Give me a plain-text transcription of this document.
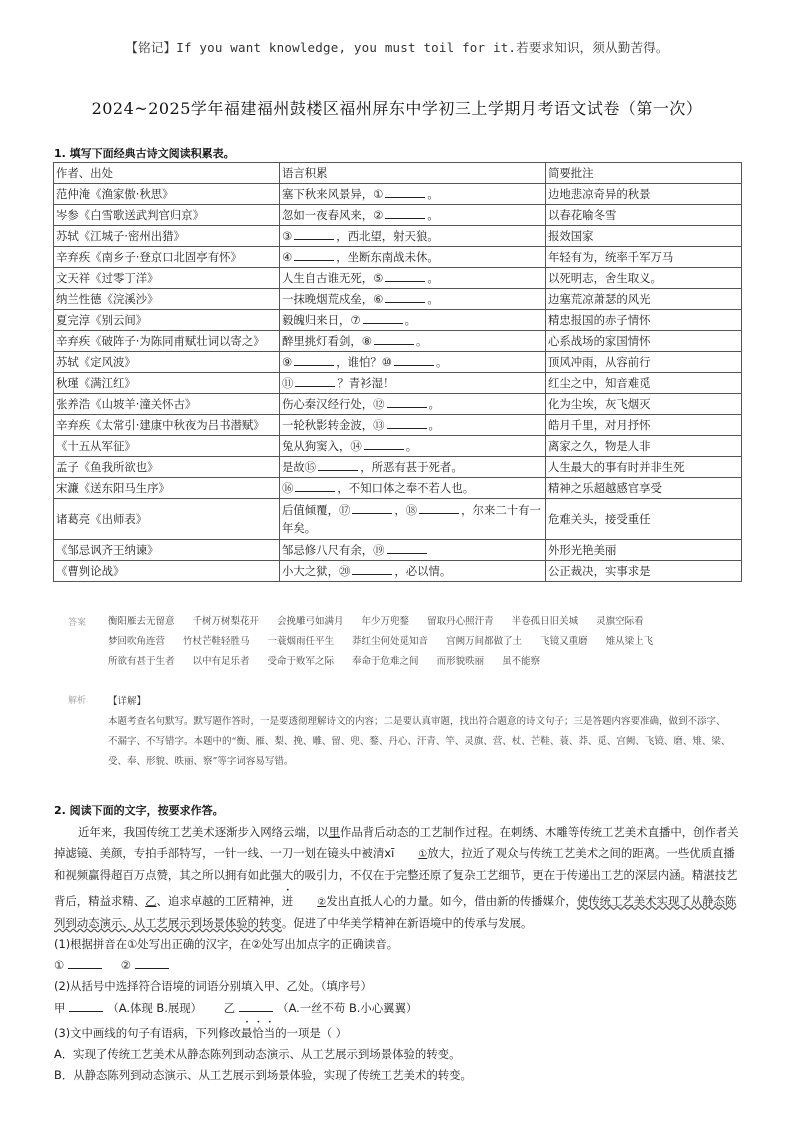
【铭记】If you want knowledge, you must toil for it.若要求知识，须从勤苦得。
2024~2025学年福建福州鼓楼区福州屏东中学初三上学期月考语文试卷（第一次）
1. 填写下面经典古诗文阅读积累表。
作者、出处	语言积累	简要批注
范仲淹《渔家傲·秋思》	塞下秋来风景异，① 。	边地悲凉奇异的秋景
岑参《白雪歌送武判官归京》	忽如一夜春风来，② 。	以春花喻冬雪
苏轼《江城子·密州出猎》	③ ，西北望，射天狼。	报效国家
辛弃疾《南乡子·登京口北固亭有怀》	④ ，坐断东南战未休。	年轻有为，统率千军万马
文天祥《过零丁洋》	人生自古谁无死，⑤ 。	以死明志，舍生取义。
纳兰性德《浣溪沙》	一抹晚烟荒戍垒，⑥ 。	边塞荒凉萧瑟的风光
夏完淳《别云间》	毅魄归来日，⑦ 。	精忠报国的赤子情怀
辛弃疾《破阵子·为陈同甫赋壮词以寄之》	醉里挑灯看剑，⑧ 。	心系战场的家国情怀
苏轼《定风波》	⑨ ，谁怕？⑩ 。	顶风冲雨，从容前行
秋瑾《满江红》	⑪ ？青衫湿！	红尘之中，知音难觅
张养浩《山坡羊·潼关怀古》	伤心秦汉经行处，⑫ 。	化为尘埃，灰飞烟灭
辛弃疾《太常引·建康中秋夜为吕书潜赋》	一轮秋影转金波，⑬ 。	皓月千里，对月抒怀
《十五从军征》	兔从狗窦入，⑭ 。	离家之久，物是人非
孟子《鱼我所欲也》	是故⑮ ，所恶有甚于死者。	人生最大的事有时并非生死
宋濂《送东阳马生序》	⑯ ，不知口体之奉不若人也。	精神之乐超越感官享受
诸葛亮《出师表》	后值倾覆，⑰ ，⑱ ，尔来二十有一年矣。	危难关头，接受重任
《邹忌讽齐王纳谏》	邹忌修八尺有余，⑲	外形光艳美丽
《曹刿论战》	小大之狱，⑳ ，必以情。	公正裁决，实事求是
答案 衡阳雁去无留意 千树万树梨花开 会挽雕弓如满月 年少万兜鍪 留取丹心照汗青 半卷孤日旧关城 灵旗空际看梦回吹角连营 竹杖芒鞋轻胜马 一蓑烟雨任平生 莽红尘何处觅知音 宫阙万间都做了土 飞镜又重磨 雉从梁上飞所欲有甚于生者 以中有足乐者 受命于败军之际 奉命于危难之间 而形貌昳丽 虽不能察
解析 【详解】
本题考查名句默写。默写题作答时，一是要透彻理解诗文的内容；二是要认真审题，找出符合题意的诗文句子；三是答题内容要准确，做到不添字、不漏字、不写错字。本题中的“衡、雁、梨、挽、雕、留、兜、鍪、丹心、汗青、竿、灵旗、营、杖、芒鞋、蓑、莽、觅、宫阙、飞镜、磨、雉、梁、受、奉、形貌、昳丽、察”等字词容易写错。
2. 阅读下面的文字，按要求作答。

近年来，我国传统工艺美术逐渐步入网络云端，以里作品背后动态的工艺制作过程。在刺绣、木雕等传统工艺美术直播中，创作者关掉滤镜、美颜，专拍手部特写，一针一线、一刀一划在镜头中被清xī ①放大，拉近了观众与传统工艺美术之间的距离。一些优质直播和视频赢得超百万点赞，其之所以拥有如此强大的吸引力，不仅在于完整还原了复杂工艺细节，更在于传递出工艺的深层内涵。精湛技艺背后，精益求精、乙、追求卓越的工匠精神，迸 ②发出直抵人心的力量。如今，借由新的传播媒介，使传统工艺美术实现了从静态陈列到动态演示、从工艺展示到场景体验的转变。促进了中华美学精神在新语境中的传承与发展。

(1)根据拼音在①处写出正确的汉字，在②处写出加点字的正确读音。
①	②
(2)从括号中选择符合语境的词语分别填入甲、乙处。（填序号）
甲	（A.体现 B.展现） 乙	（A.一丝不苟 B.小心翼翼）
(3)文中画线的句子有语病，下列修改最恰当的一项是（ ）
A．实现了传统工艺美术从静态陈列到动态演示、从工艺展示到场景体验的转变。
B．从静态陈列到动态演示、从工艺展示到场景体验，实现了传统工艺美术的转变。
